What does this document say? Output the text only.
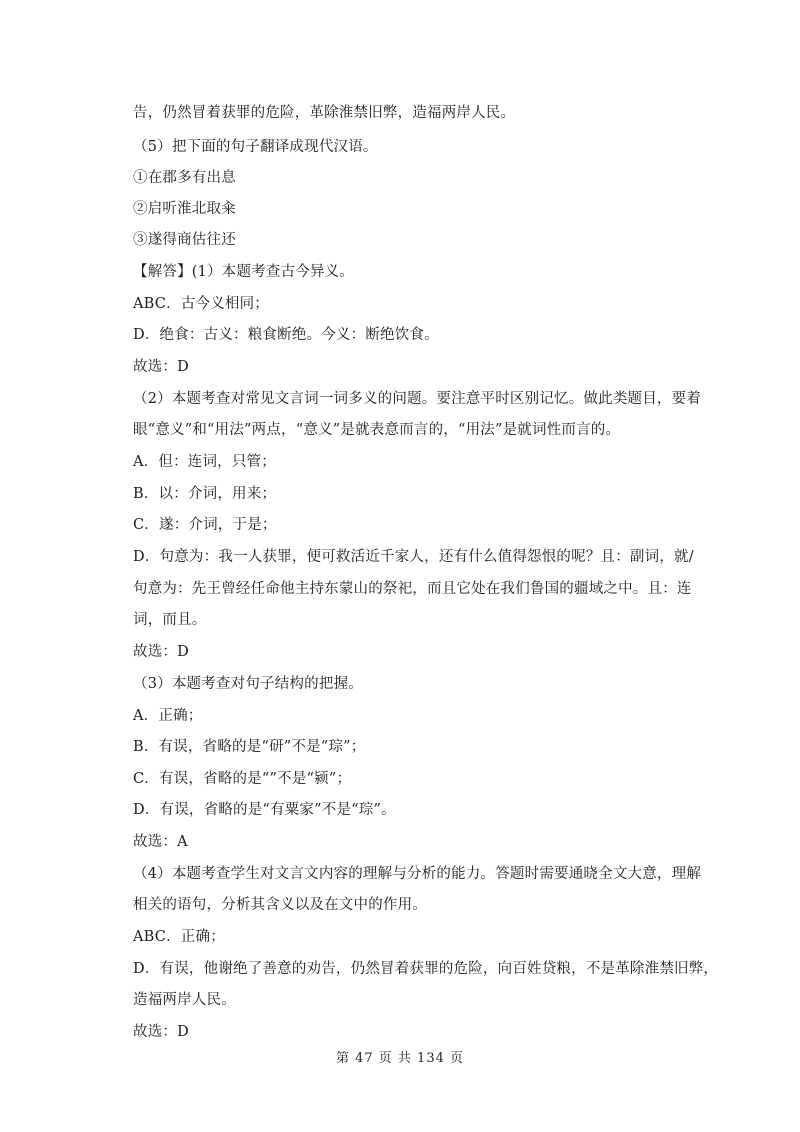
告，仍然冒着获罪的危险，革除淮禁旧弊，造福两岸人民。
（5）把下面的句子翻译成现代汉语。
①在郡多有出息
②启听淮北取籴
③遂得商估往还
【解答】(1）本题考查古今异义。
ABC．古今义相同；
D．绝食：古义：粮食断绝。今义：断绝饮食。
故选：D
（2）本题考查对常见文言词一词多义的问题。要注意平时区别记忆。做此类题目，要着
眼“意义”和“用法”两点，“意义”是就表意而言的，“用法”是就词性而言的。
A．但：连词，只管；
B．以：介词，用来；
C．遂：介词，于是；
D．句意为：我一人获罪，便可救活近千家人，还有什么值得怨恨的呢？且：副词，就/
句意为：先王曾经任命他主持东蒙山的祭祀，而且它处在我们鲁国的疆域之中。且：连
词，而且。
故选：D
（3）本题考查对句子结构的把握。
A．正确；
B．有误，省略的是“研”不是“琮”；
C．有误，省略的是“”不是“颍”；
D．有误，省略的是“有粟家”不是“琮”。
故选：A
（4）本题考查学生对文言文内容的理解与分析的能力。答题时需要通晓全文大意，理解
相关的语句，分析其含义以及在文中的作用。
ABC．正确；
D．有误，他谢绝了善意的劝告，仍然冒着获罪的危险，向百姓贷粮，不是革除淮禁旧弊，
造福两岸人民。
故选：D
第 47 页 共 134 页
